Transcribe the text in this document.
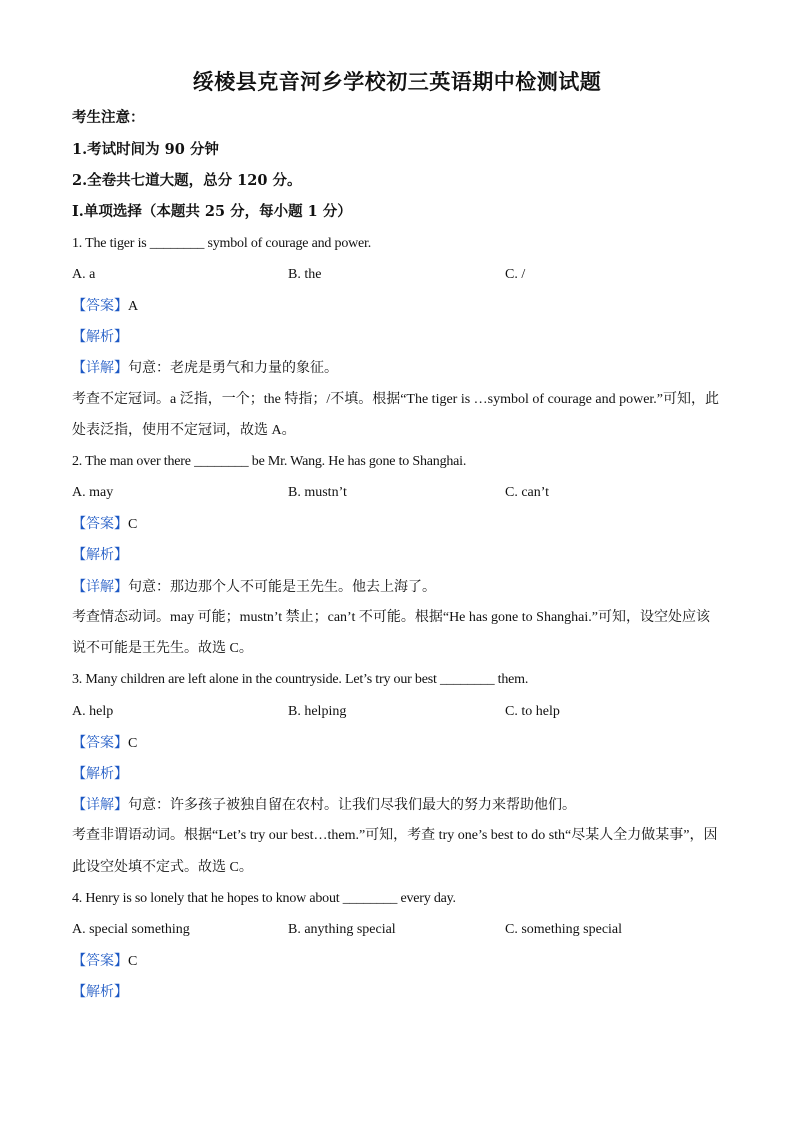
绥棱县克音河乡学校初三英语期中检测试题
考生注意：
1.考试时间为 90 分钟
2.全卷共七道大题，总分 120 分。
Ⅰ.单项选择（本题共 25 分，每小题 1 分）
1. The tiger is ________ symbol of courage and power.
A. a	B. the	C. /
【答案】A
【解析】
【详解】句意：老虎是勇气和力量的象征。
考查不定冠词。a 泛指，一个；the 特指；/不填。根据“The tiger is …symbol of courage and power.”可知，此
处表泛指，使用不定冠词，故选 A。
2. The man over there ________ be Mr. Wang. He has gone to Shanghai.
A. may	B. mustn’t	C. can’t
【答案】C
【解析】
【详解】句意：那边那个人不可能是王先生。他去上海了。
考查情态动词。may 可能；mustn’t 禁止；can’t 不可能。根据“He has gone to Shanghai.”可知，设空处应该
说不可能是王先生。故选 C。
3. Many children are left alone in the countryside. Let’s try our best ________ them.
A. help	B. helping	C. to help
【答案】C
【解析】
【详解】句意：许多孩子被独自留在农村。让我们尽我们最大的努力来帮助他们。
考查非谓语动词。根据“Let’s try our best…them.”可知，考查 try one’s best to do sth“尽某人全力做某事”，因
此设空处填不定式。故选 C。
4. Henry is so lonely that he hopes to know about ________ every day.
A. special something	B. anything special	C. something special
【答案】C
【解析】
